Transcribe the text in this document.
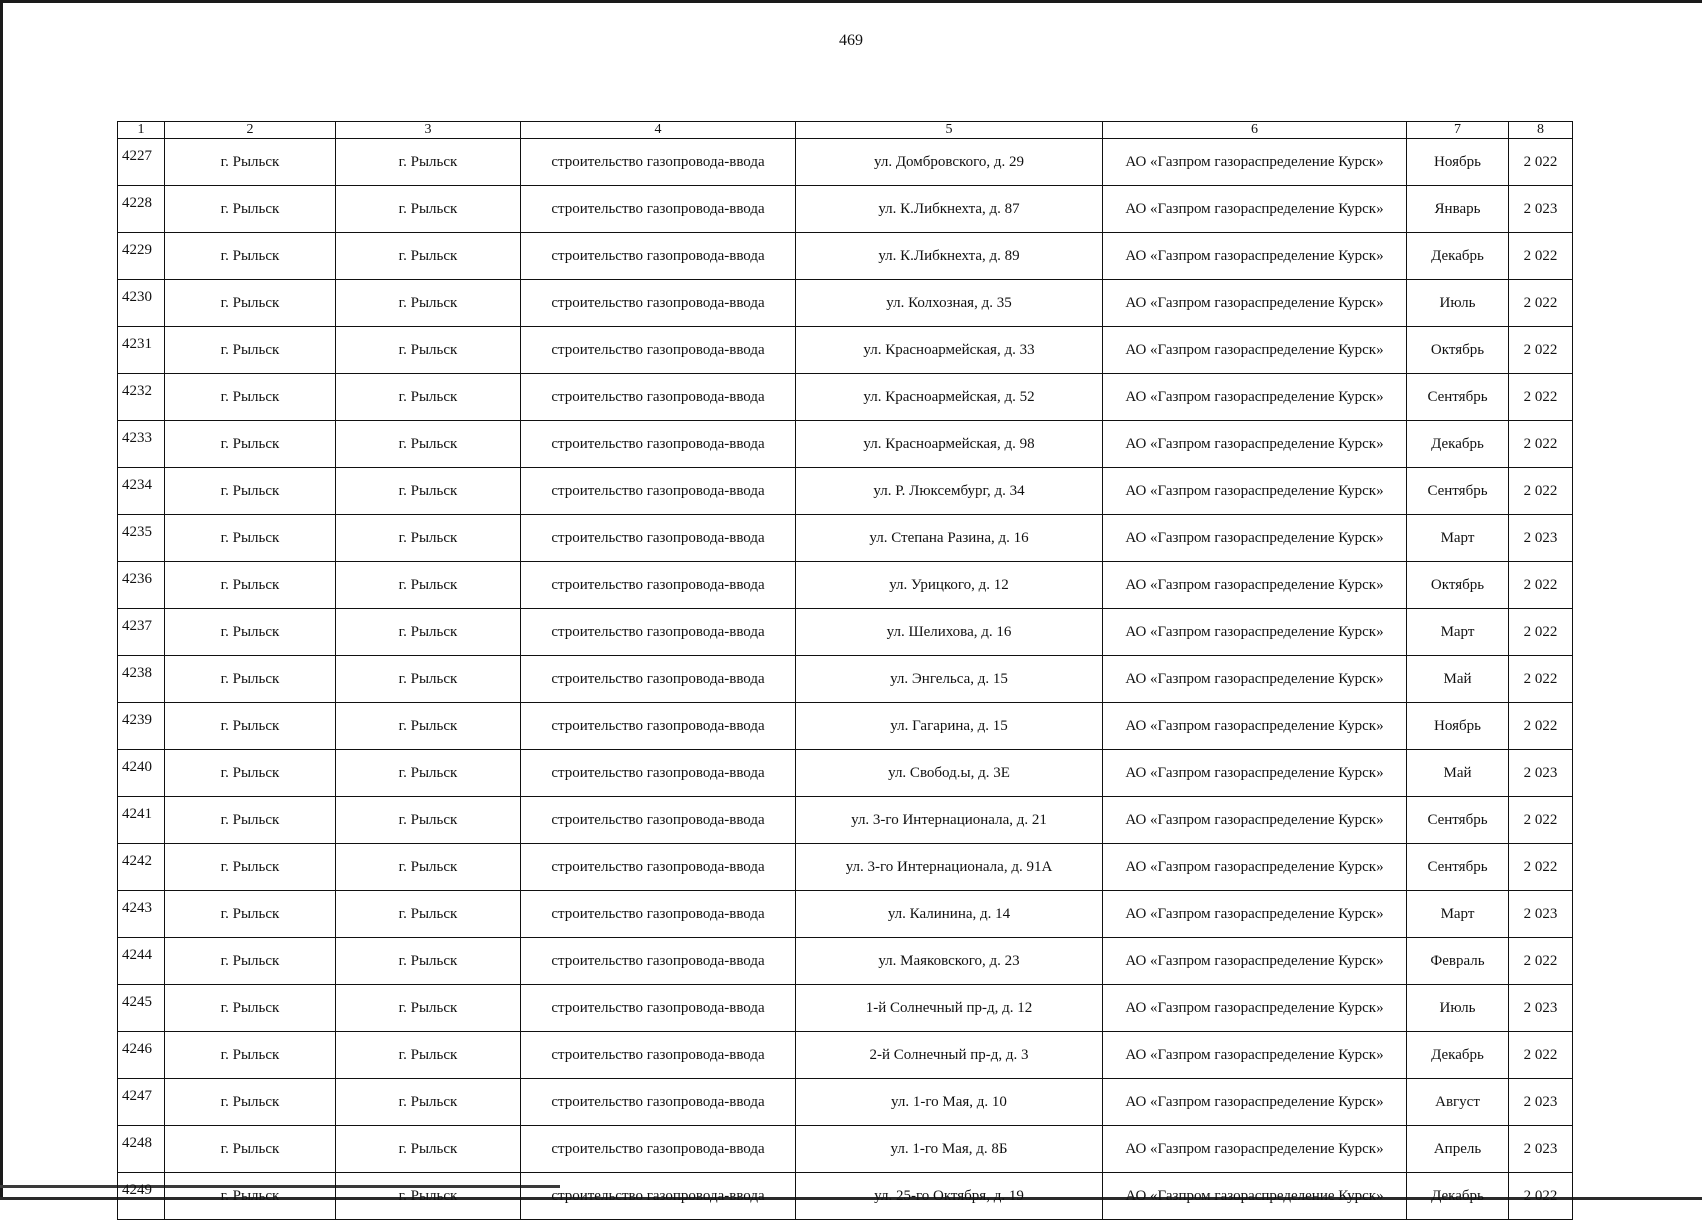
469
1	2	3	4	5	6	7	8
4227	г. Рыльск	г. Рыльск	строительство газопровода-ввода	ул. Домбровского, д. 29	АО «Газпром газораспределение Курск»	Ноябрь	2 022
4228	г. Рыльск	г. Рыльск	строительство газопровода-ввода	ул. К.Либкнехта, д. 87	АО «Газпром газораспределение Курск»	Январь	2 023
4229	г. Рыльск	г. Рыльск	строительство газопровода-ввода	ул. К.Либкнехта, д. 89	АО «Газпром газораспределение Курск»	Декабрь	2 022
4230	г. Рыльск	г. Рыльск	строительство газопровода-ввода	ул. Колхозная, д. 35	АО «Газпром газораспределение Курск»	Июль	2 022
4231	г. Рыльск	г. Рыльск	строительство газопровода-ввода	ул. Красноармейская, д. 33	АО «Газпром газораспределение Курск»	Октябрь	2 022
4232	г. Рыльск	г. Рыльск	строительство газопровода-ввода	ул. Красноармейская, д. 52	АО «Газпром газораспределение Курск»	Сентябрь	2 022
4233	г. Рыльск	г. Рыльск	строительство газопровода-ввода	ул. Красноармейская, д. 98	АО «Газпром газораспределение Курск»	Декабрь	2 022
4234	г. Рыльск	г. Рыльск	строительство газопровода-ввода	ул. Р. Люксембург, д. 34	АО «Газпром газораспределение Курск»	Сентябрь	2 022
4235	г. Рыльск	г. Рыльск	строительство газопровода-ввода	ул. Степана Разина, д. 16	АО «Газпром газораспределение Курск»	Март	2 023
4236	г. Рыльск	г. Рыльск	строительство газопровода-ввода	ул. Урицкого, д. 12	АО «Газпром газораспределение Курск»	Октябрь	2 022
4237	г. Рыльск	г. Рыльск	строительство газопровода-ввода	ул. Шелихова, д. 16	АО «Газпром газораспределение Курск»	Март	2 022
4238	г. Рыльск	г. Рыльск	строительство газопровода-ввода	ул. Энгельса, д. 15	АО «Газпром газораспределение Курск»	Май	2 022
4239	г. Рыльск	г. Рыльск	строительство газопровода-ввода	ул. Гагарина, д. 15	АО «Газпром газораспределение Курск»	Ноябрь	2 022
4240	г. Рыльск	г. Рыльск	строительство газопровода-ввода	ул. Свобод.ы, д. 3Е	АО «Газпром газораспределение Курск»	Май	2 023
4241	г. Рыльск	г. Рыльск	строительство газопровода-ввода	ул. 3-го Интернационала, д. 21	АО «Газпром газораспределение Курск»	Сентябрь	2 022
4242	г. Рыльск	г. Рыльск	строительство газопровода-ввода	ул. 3-го Интернационала, д. 91А	АО «Газпром газораспределение Курск»	Сентябрь	2 022
4243	г. Рыльск	г. Рыльск	строительство газопровода-ввода	ул. Калинина, д. 14	АО «Газпром газораспределение Курск»	Март	2 023
4244	г. Рыльск	г. Рыльск	строительство газопровода-ввода	ул. Маяковского, д. 23	АО «Газпром газораспределение Курск»	Февраль	2 022
4245	г. Рыльск	г. Рыльск	строительство газопровода-ввода	1-й Солнечный пр-д, д. 12	АО «Газпром газораспределение Курск»	Июль	2 023
4246	г. Рыльск	г. Рыльск	строительство газопровода-ввода	2-й Солнечный пр-д, д. 3	АО «Газпром газораспределение Курск»	Декабрь	2 022
4247	г. Рыльск	г. Рыльск	строительство газопровода-ввода	ул. 1-го Мая, д. 10	АО «Газпром газораспределение Курск»	Август	2 023
4248	г. Рыльск	г. Рыльск	строительство газопровода-ввода	ул. 1-го Мая, д. 8Б	АО «Газпром газораспределение Курск»	Апрель	2 023
4249	г. Рыльск	г. Рыльск	строительство газопровода-ввода	ул. 25-го Октября, д. 19	АО «Газпром газораспределение Курск»	Декабрь	2 022
